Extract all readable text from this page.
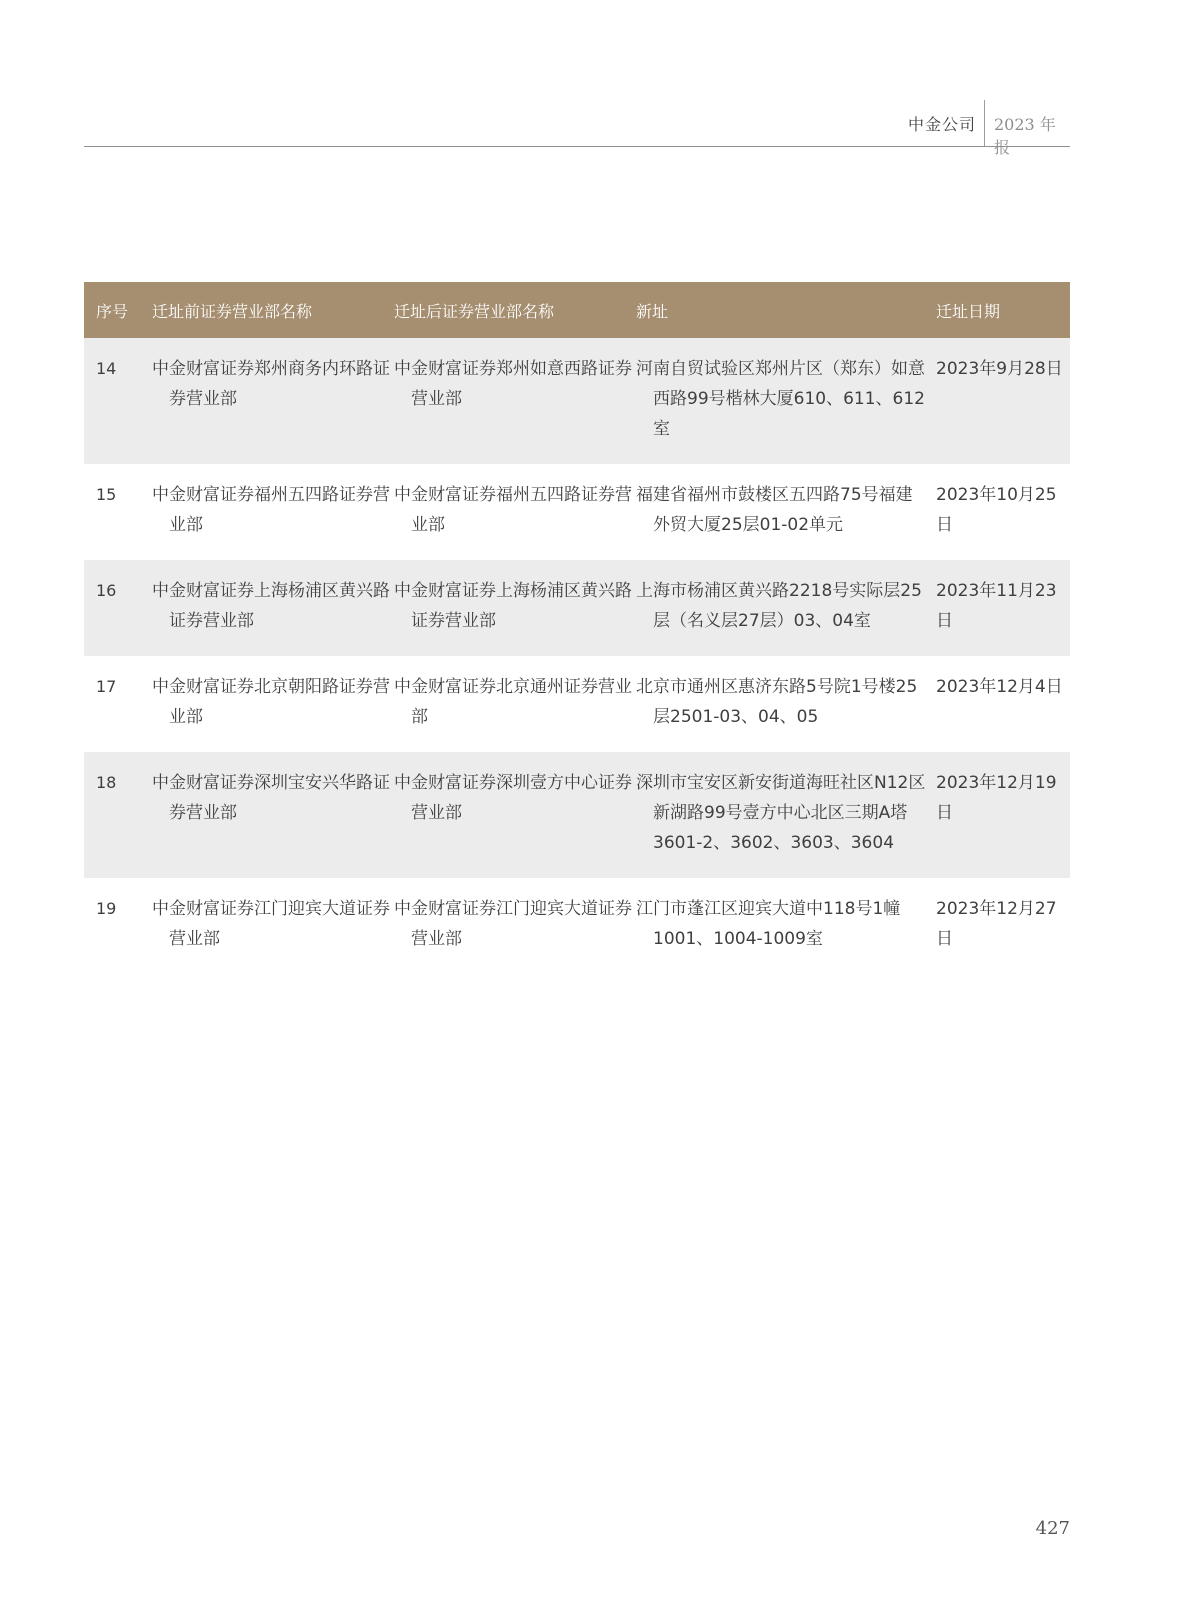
中金公司 2023 年报
序号	迁址前证券营业部名称	迁址后证券营业部名称	新址	迁址日期
14	中金财富证券郑州商务内环路证券营业部	中金财富证券郑州如意西路证券营业部	河南自贸试验区郑州片区（郑东）如意西路99号楷林大厦610、611、612室	2023年9月28日
15	中金财富证券福州五四路证券营业部	中金财富证券福州五四路证券营业部	福建省福州市鼓楼区五四路75号福建外贸大厦25层01-02单元	2023年10月25日
16	中金财富证券上海杨浦区黄兴路证券营业部	中金财富证券上海杨浦区黄兴路证券营业部	上海市杨浦区黄兴路2218号实际层25层（名义层27层）03、04室	2023年11月23日
17	中金财富证券北京朝阳路证券营业部	中金财富证券北京通州证券营业部	北京市通州区惠济东路5号院1号楼25层2501-03、04、05	2023年12月4日
18	中金财富证券深圳宝安兴华路证券营业部	中金财富证券深圳壹方中心证券营业部	深圳市宝安区新安街道海旺社区N12区新湖路99号壹方中心北区三期A塔3601-2、3602、3603、3604	2023年12月19日
19	中金财富证券江门迎宾大道证券营业部	中金财富证券江门迎宾大道证券营业部	江门市蓬江区迎宾大道中118号1幢1001、1004-1009室	2023年12月27日
427
